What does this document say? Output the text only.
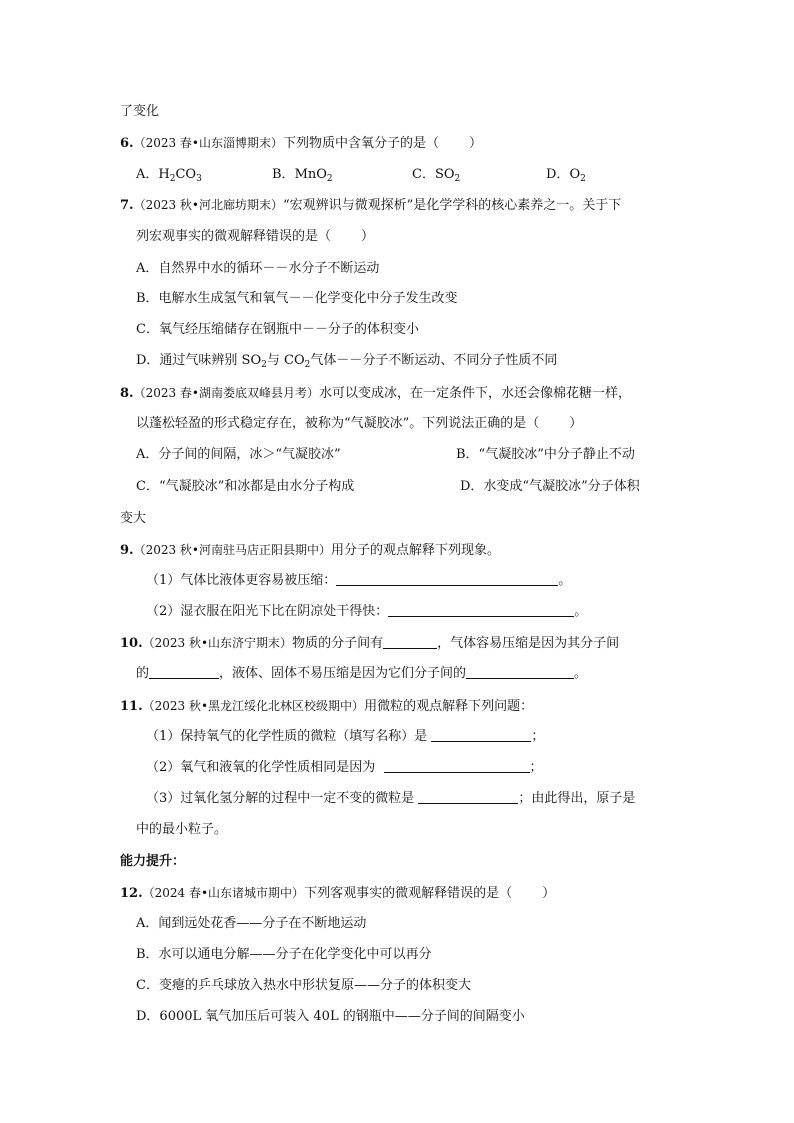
了变化
6.（2023 春•山东淄博期末）下列物质中含氧分子的是（ ）
A．$H_2CO_3$	B．MnO$_2$	C．$SO_2$	D．$O_2$
7.（2023 秋•河北廊坊期末）“宏观辨识与微观探析”是化学学科的核心素养之一。关于下
列宏观事实的微观解释错误的是（ ）
A．自然界中水的循环－－水分子不断运动
B．电解水生成氢气和氧气－－化学变化中分子发生改变
C．氧气经压缩储存在钢瓶中－－分子的体积变小
D．通过气味辨别 $SO_2$与 $CO_2$气体－－分子不断运动、不同分子性质不同
8.（2023 春•湖南娄底双峰县月考）水可以变成冰，在一定条件下，水还会像棉花糖一样，
以蓬松轻盈的形式稳定存在，被称为“气凝胶冰”。下列说法正确的是（ ）
A．分子间的间隔，冰＞“气凝胶冰”	B．“气凝胶冰”中分子静止不动
C．“气凝胶冰”和冰都是由水分子构成	D．水变成“气凝胶冰”分子体积
变大
9.（2023 秋•河南驻马店正阳县期中）用分子的观点解释下列现象。
（1）气体比液体更容易被压缩：	。
（2）湿衣服在阳光下比在阴凉处干得快：	。
10.（2023 秋•山东济宁期末）物质的分子间有	，气体容易压缩是因为其分子间
的	，液体、固体不易压缩是因为它们分子间的	。
11.（2023 秋•黑龙江绥化北林区校级期中）用微粒的观点解释下列问题：
（1）保持氧气的化学性质的微粒（填写名称）是	；
（2）氧气和液氧的化学性质相同是因为	；
（3）过氧化氢分解的过程中一定不变的微粒是	；由此得出，原子是
中的最小粒子。
能力提升：
12.（2024 春•山东诸城市期中）下列客观事实的微观解释错误的是（ ）
A．闻到远处花香——分子在不断地运动
B．水可以通电分解——分子在化学变化中可以再分
C．变瘪的乒乓球放入热水中形状复原——分子的体积变大
D．6000L 氧气加压后可装入 40L 的钢瓶中——分子间的间隔变小
